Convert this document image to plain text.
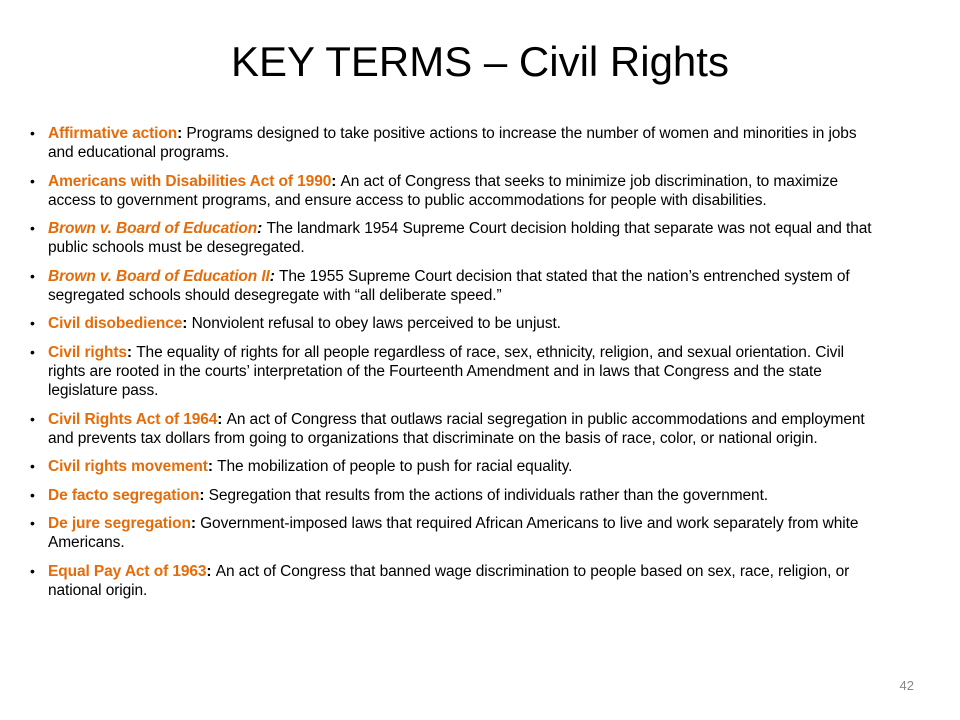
KEY TERMS – Civil Rights
• Affirmative action: Programs designed to take positive actions to increase the number of women and minorities in jobs and educational programs.
• Americans with Disabilities Act of 1990: An act of Congress that seeks to minimize job discrimination, to maximize access to government programs, and ensure access to public accommodations for people with disabilities.
• Brown v. Board of Education: The landmark 1954 Supreme Court decision holding that separate was not equal and that public schools must be desegregated.
• Brown v. Board of Education II: The 1955 Supreme Court decision that stated that the nation’s entrenched system of segregated schools should desegregate with “all deliberate speed.”
• Civil disobedience: Nonviolent refusal to obey laws perceived to be unjust.
• Civil rights: The equality of rights for all people regardless of race, sex, ethnicity, religion, and sexual orientation. Civil rights are rooted in the courts’ interpretation of the Fourteenth Amendment and in laws that Congress and the state legislature pass.
• Civil Rights Act of 1964: An act of Congress that outlaws racial segregation in public accommodations and employment and prevents tax dollars from going to organizations that discriminate on the basis of race, color, or national origin.
• Civil rights movement: The mobilization of people to push for racial equality.
• De facto segregation: Segregation that results from the actions of individuals rather than the government.
• De jure segregation: Government-imposed laws that required African Americans to live and work separately from white Americans.
• Equal Pay Act of 1963: An act of Congress that banned wage discrimination to people based on sex, race, religion, or national origin.
42
